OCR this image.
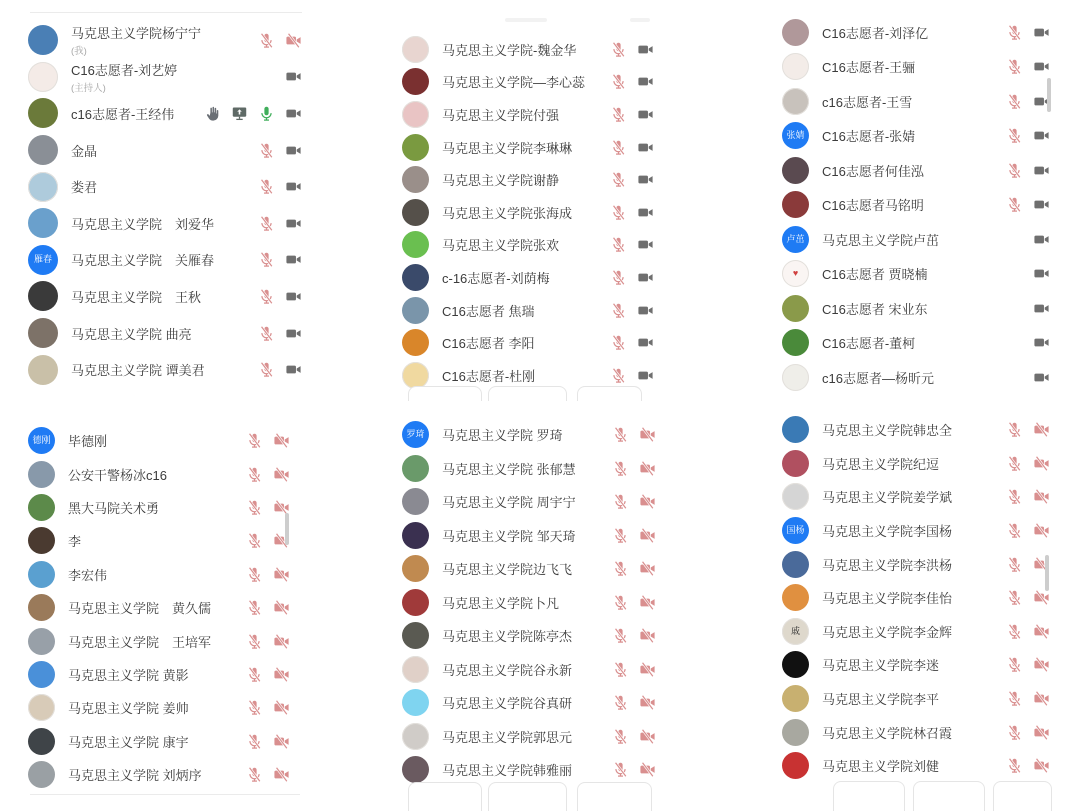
马克思主义学院杨宁宁
(我)
C16志愿者-刘艺婷
(主持人)
c16志愿者-王经伟
金晶
娄君
马克思主义学院　刘爱华
雁春 马克思主义学院　关雁春
马克思主义学院　王秋
马克思主义学院 曲亮
马克思主义学院 谭美君
马克思主义学院-魏金华
马克思主义学院—李心蕊
马克思主义学院付强
马克思主义学院李琳琳
马克思主义学院谢静
马克思主义学院张海成
马克思主义学院张欢
c-16志愿者-刘荫梅
C16志愿者 焦瑞
C16志愿者 李阳
C16志愿者-杜刚
C16志愿者-刘泽亿
C16志愿者-王骊
c16志愿者-王雪
张婧 C16志愿者-张婧
C16志愿者何佳泓
C16志愿者马铭明
卢茁 马克思主义学院卢茁
♥ C16志愿者 贾晓楠
C16志愿者 宋业东
C16志愿者-董柯
c16志愿者—杨昕元
德刚 毕德刚
公安干警杨冰c16
黑大马院关术勇
李
李宏伟
马克思主义学院　黄久儒
马克思主义学院　王培军
马克思主义学院 黄影
马克思主义学院 姜帅
马克思主义学院 康宇
马克思主义学院 刘炳序
罗琦 马克思主义学院 罗琦
马克思主义学院 张郁慧
马克思主义学院 周宇宁
马克思主义学院 邹天琦
马克思主义学院边飞飞
马克思主义学院卜凡
马克思主义学院陈亭杰
马克思主义学院谷永新
马克思主义学院谷真研
马克思主义学院郭思元
马克思主义学院韩雅丽
马克思主义学院韩忠全
马克思主义学院纪逗
马克思主义学院姜学斌
国杨 马克思主义学院李国杨
马克思主义学院李洪杨
马克思主义学院李佳怡
戚 马克思主义学院李金辉
马克思主义学院李迷
马克思主义学院李平
马克思主义学院林召霞
马克思主义学院刘健
